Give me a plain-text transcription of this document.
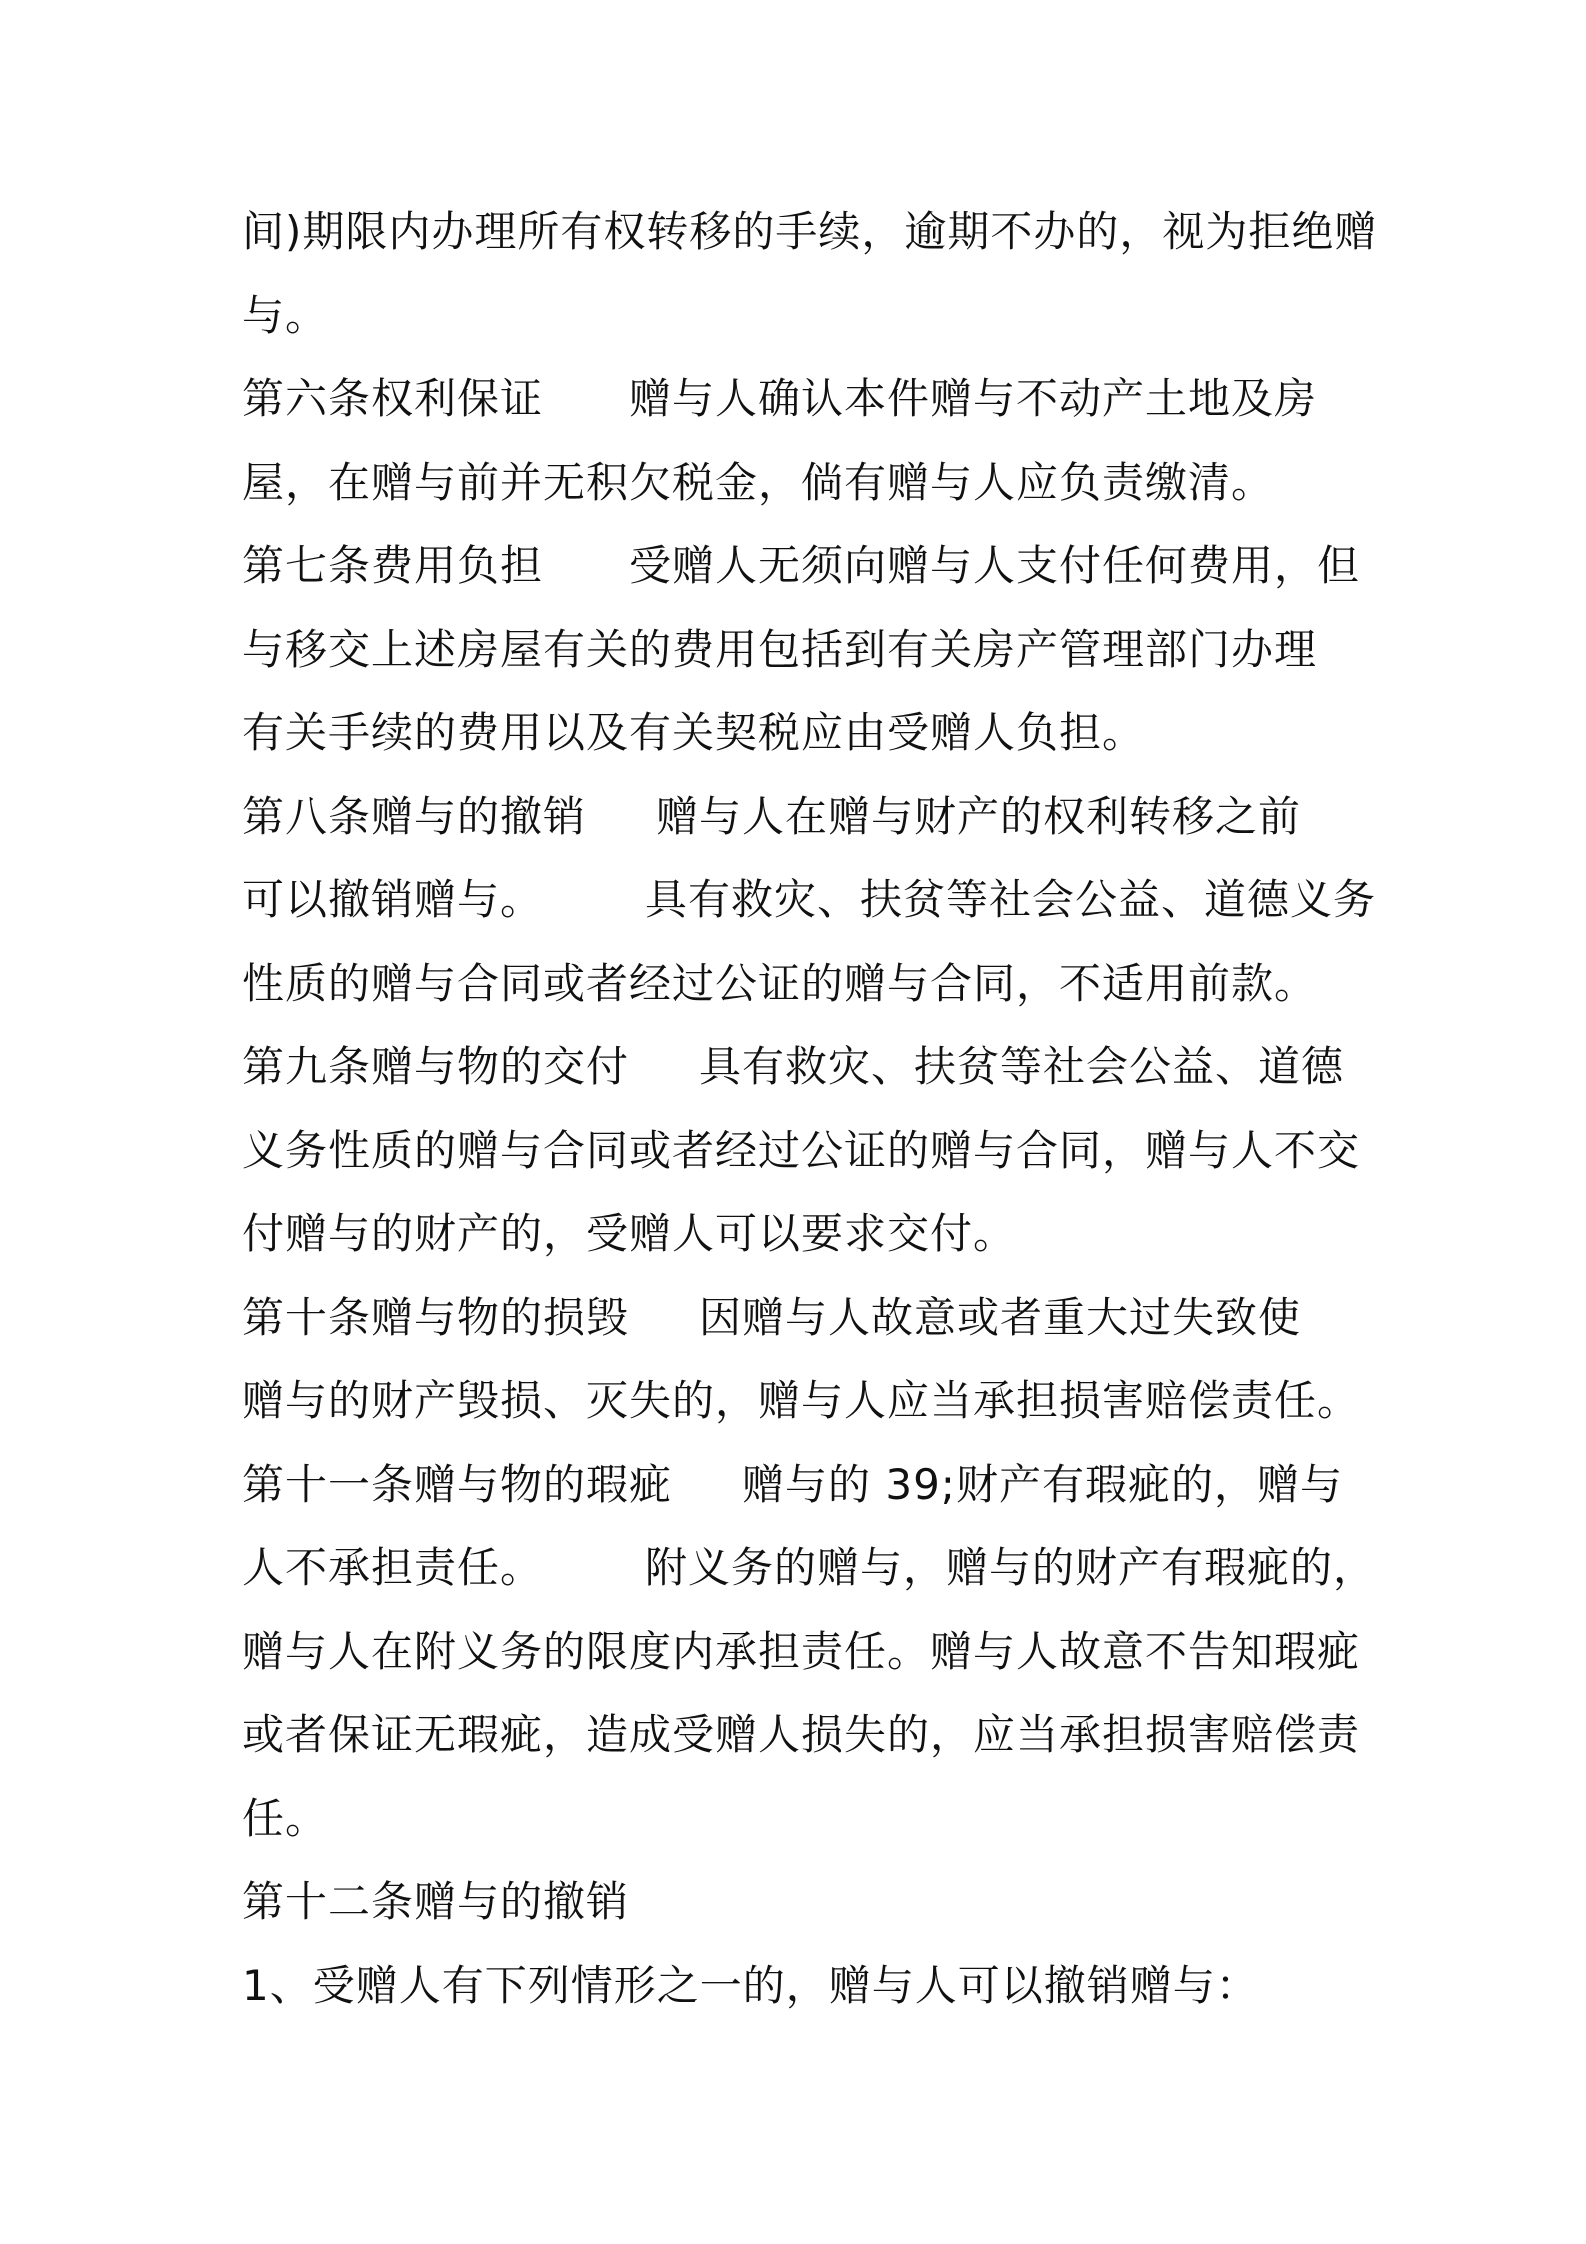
间)期限内办理所有权转移的手续，逾期不办的，视为拒绝赠
与。
第六条权利保证 赠与人确认本件赠与不动产土地及房
屋，在赠与前并无积欠税金，倘有赠与人应负责缴清。
第七条费用负担 受赠人无须向赠与人支付任何费用，但
与移交上述房屋有关的费用包括到有关房产管理部门办理
有关手续的费用以及有关契税应由受赠人负担。
第八条赠与的撤销 赠与人在赠与财产的权利转移之前
可以撤销赠与。 具有救灾、扶贫等社会公益、道德义务
性质的赠与合同或者经过公证的赠与合同，不适用前款。
第九条赠与物的交付 具有救灾、扶贫等社会公益、道德
义务性质的赠与合同或者经过公证的赠与合同，赠与人不交
付赠与的财产的，受赠人可以要求交付。
第十条赠与物的损毁 因赠与人故意或者重大过失致使
赠与的财产毁损、灭失的，赠与人应当承担损害赔偿责任。
第十一条赠与物的瑕疵 赠与的 39;财产有瑕疵的，赠与
人不承担责任。 附义务的赠与，赠与的财产有瑕疵的，
赠与人在附义务的限度内承担责任。赠与人故意不告知瑕疵
或者保证无瑕疵，造成受赠人损失的，应当承担损害赔偿责
任。
第十二条赠与的撤销
1、受赠人有下列情形之一的，赠与人可以撤销赠与：
